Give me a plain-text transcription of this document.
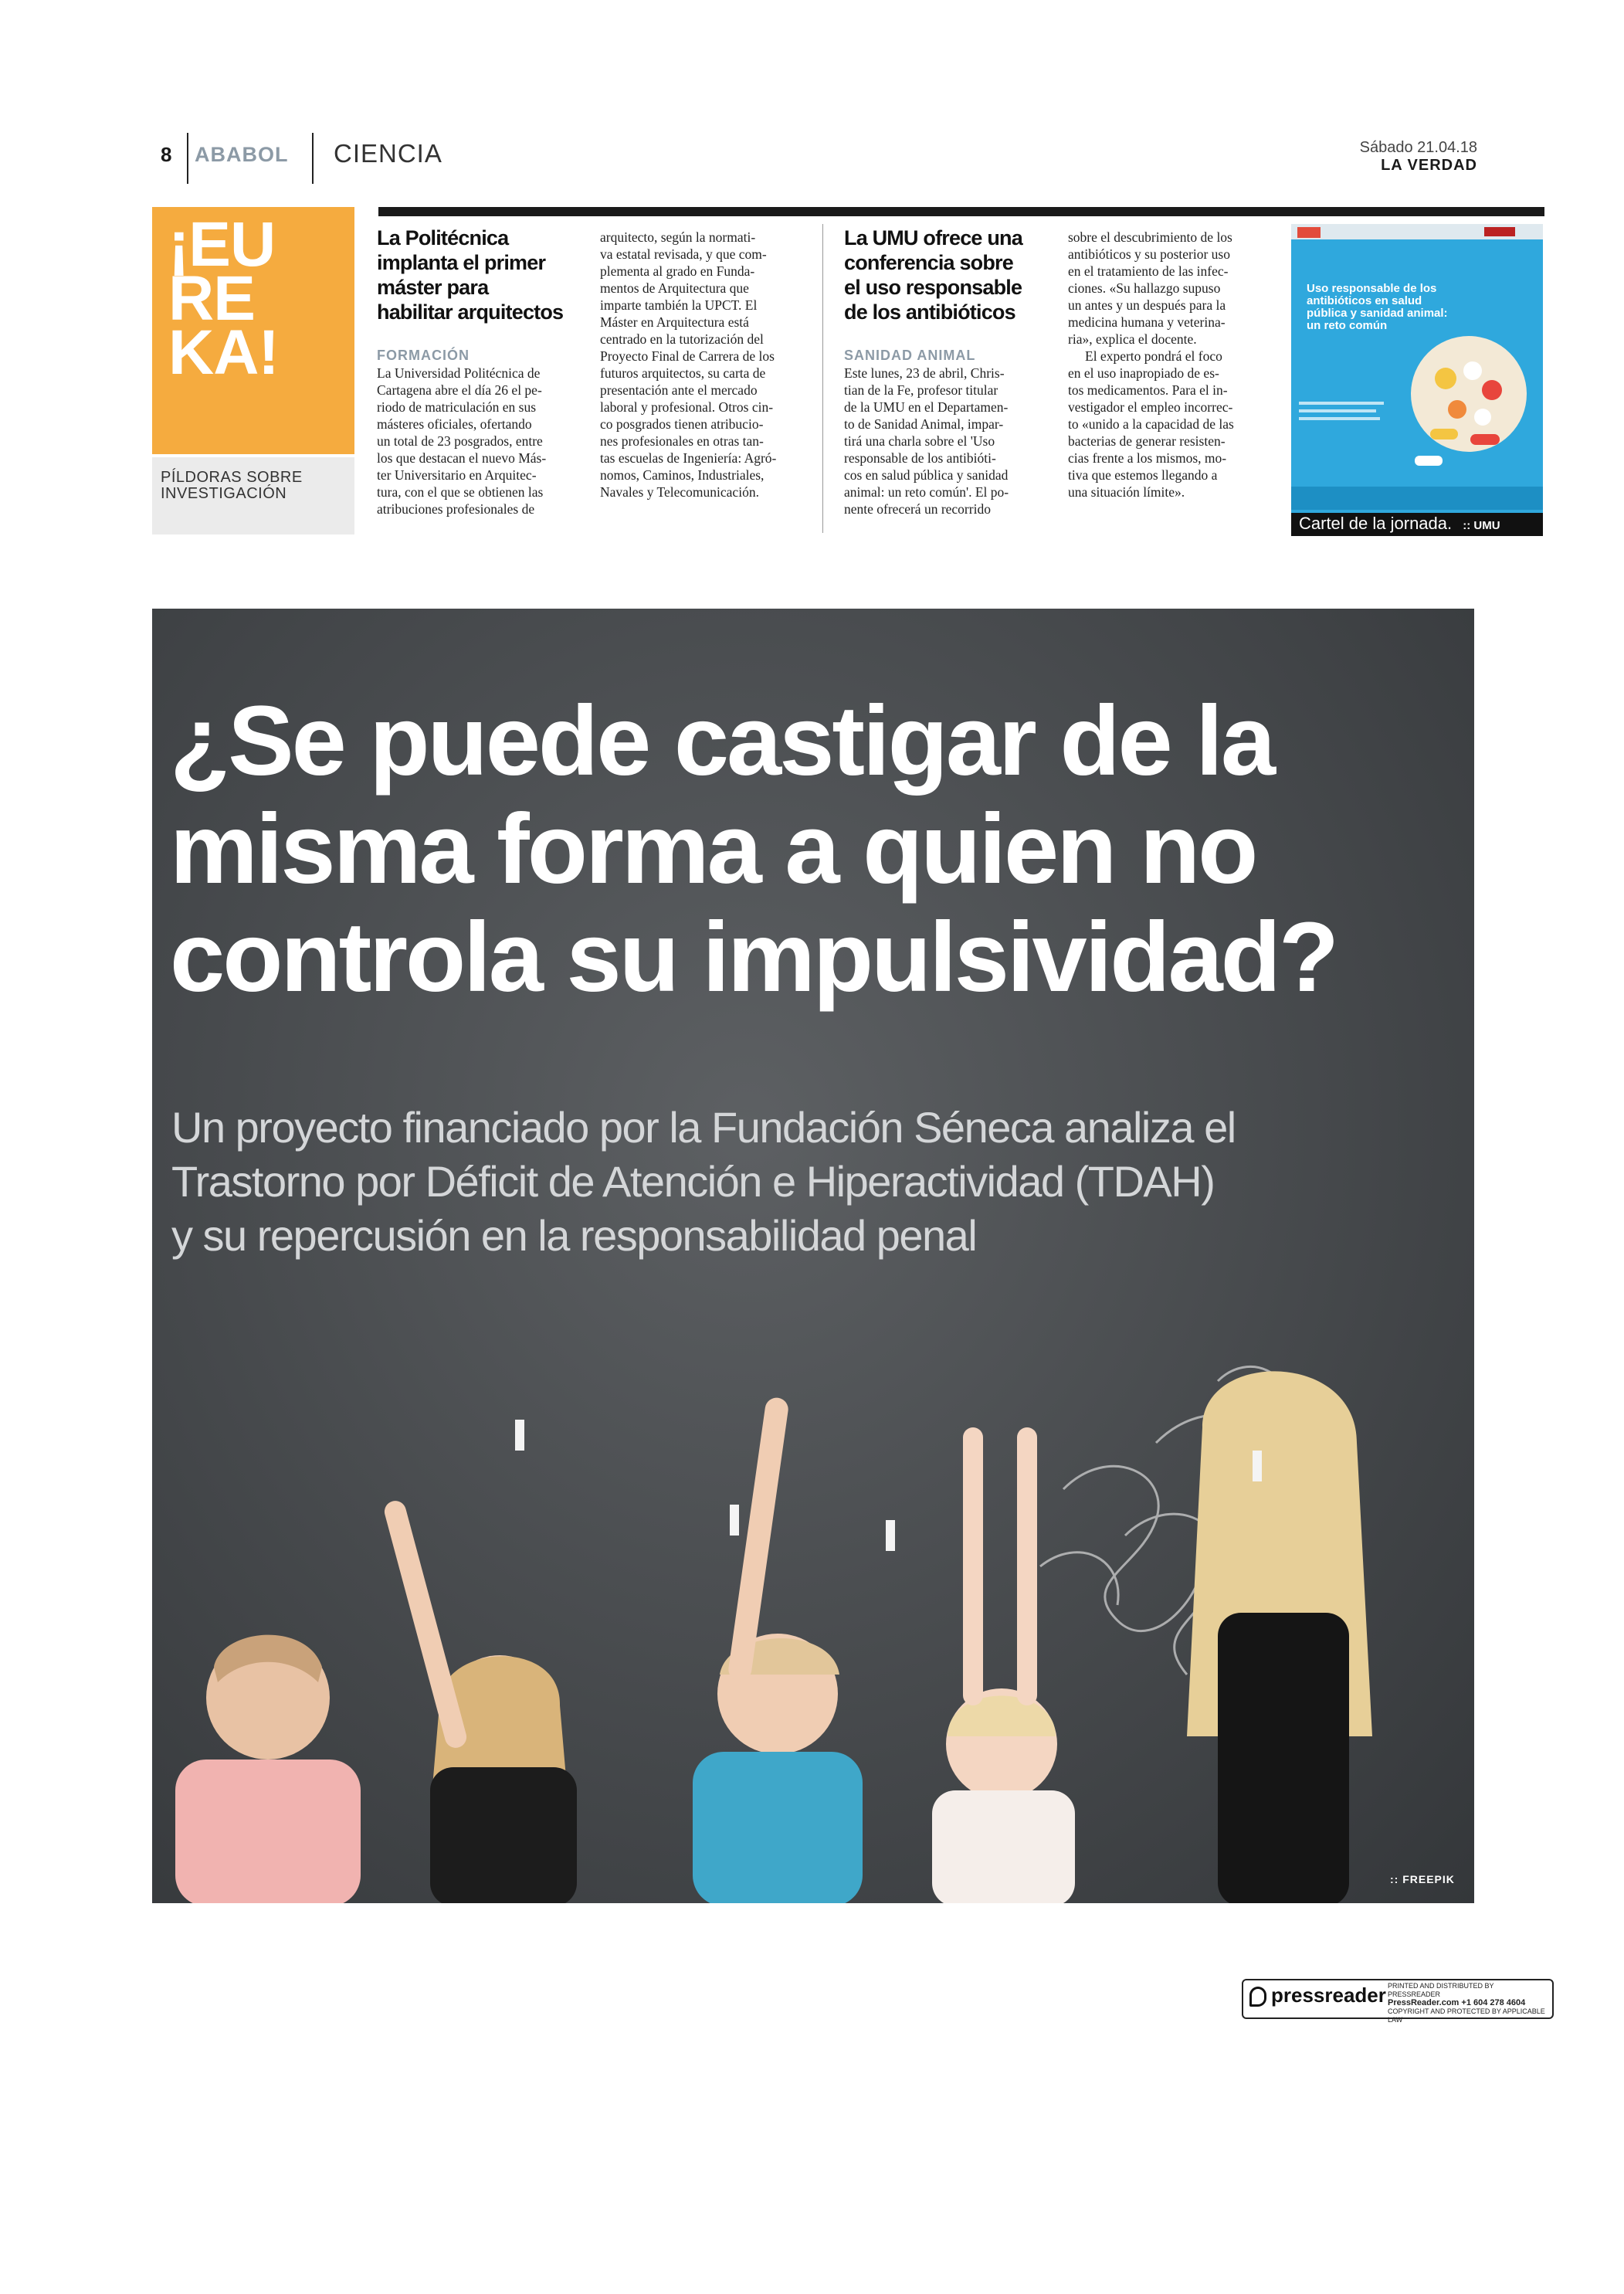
8 ABABOL CIENCIA	Sábado 21.04.18
LA VERDAD
¡EU
RE
KA!
PÍLDORAS SOBRE
INVESTIGACIÓN
La Politécnica
implanta el primer
máster para
habilitar arquitectos
FORMACIÓN
La Universidad Politécnica de
Cartagena abre el día 26 el pe-
riodo de matriculación en sus
másteres oficiales, ofertando
un total de 23 posgrados, entre
los que destacan el nuevo Más-
ter Universitario en Arquitec-
tura, con el que se obtienen las
atribuciones profesionales de
arquitecto, según la normati-
va estatal revisada, y que com-
plementa al grado en Funda-
mentos de Arquitectura que
imparte también la UPCT. El
Máster en Arquitectura está
centrado en la tutorización del
Proyecto Final de Carrera de los
futuros arquitectos, su carta de
presentación ante el mercado
laboral y profesional. Otros cin-
co posgrados tienen atribucio-
nes profesionales en otras tan-
tas escuelas de Ingeniería: Agró-
nomos, Caminos, Industriales,
Navales y Telecomunicación.
La UMU ofrece una
conferencia sobre
el uso responsable
de los antibióticos
SANIDAD ANIMAL
Este lunes, 23 de abril, Chris-
tian de la Fe, profesor titular
de la UMU en el Departamen-
to de Sanidad Animal, impar-
tirá una charla sobre el 'Uso
responsable de los antibióti-
cos en salud pública y sanidad
animal: un reto común'. El po-
nente ofrecerá un recorrido
sobre el descubrimiento de los
antibióticos y su posterior uso
en el tratamiento de las infec-
ciones. «Su hallazgo supuso
un antes y un después para la
medicina humana y veterina-
ria», explica el docente.
El experto pondrá el foco
en el uso inapropiado de es-
tos medicamentos. Para el in-
vestigador el empleo incorrec-
to «unido a la capacidad de las
bacterias de generar resisten-
cias frente a los mismos, mo-
tiva que estemos llegando a
una situación límite».
Uso responsable de los
antibióticos en salud
pública y sanidad animal:
un reto común
Cartel de la jornada. :: UMU
¿Se puede castigar de la
misma forma a quien no
controla su impulsividad?
Un proyecto financiado por la Fundación Séneca analiza el
Trastorno por Déficit de Atención e Hiperactividad (TDAH)
y su repercusión en la responsabilidad penal
:: FREEPIK
pressreader PRINTED AND DISTRIBUTED BY PRESSREADER
PressReader.com +1 604 278 4604
COPYRIGHT AND PROTECTED BY APPLICABLE LAW
